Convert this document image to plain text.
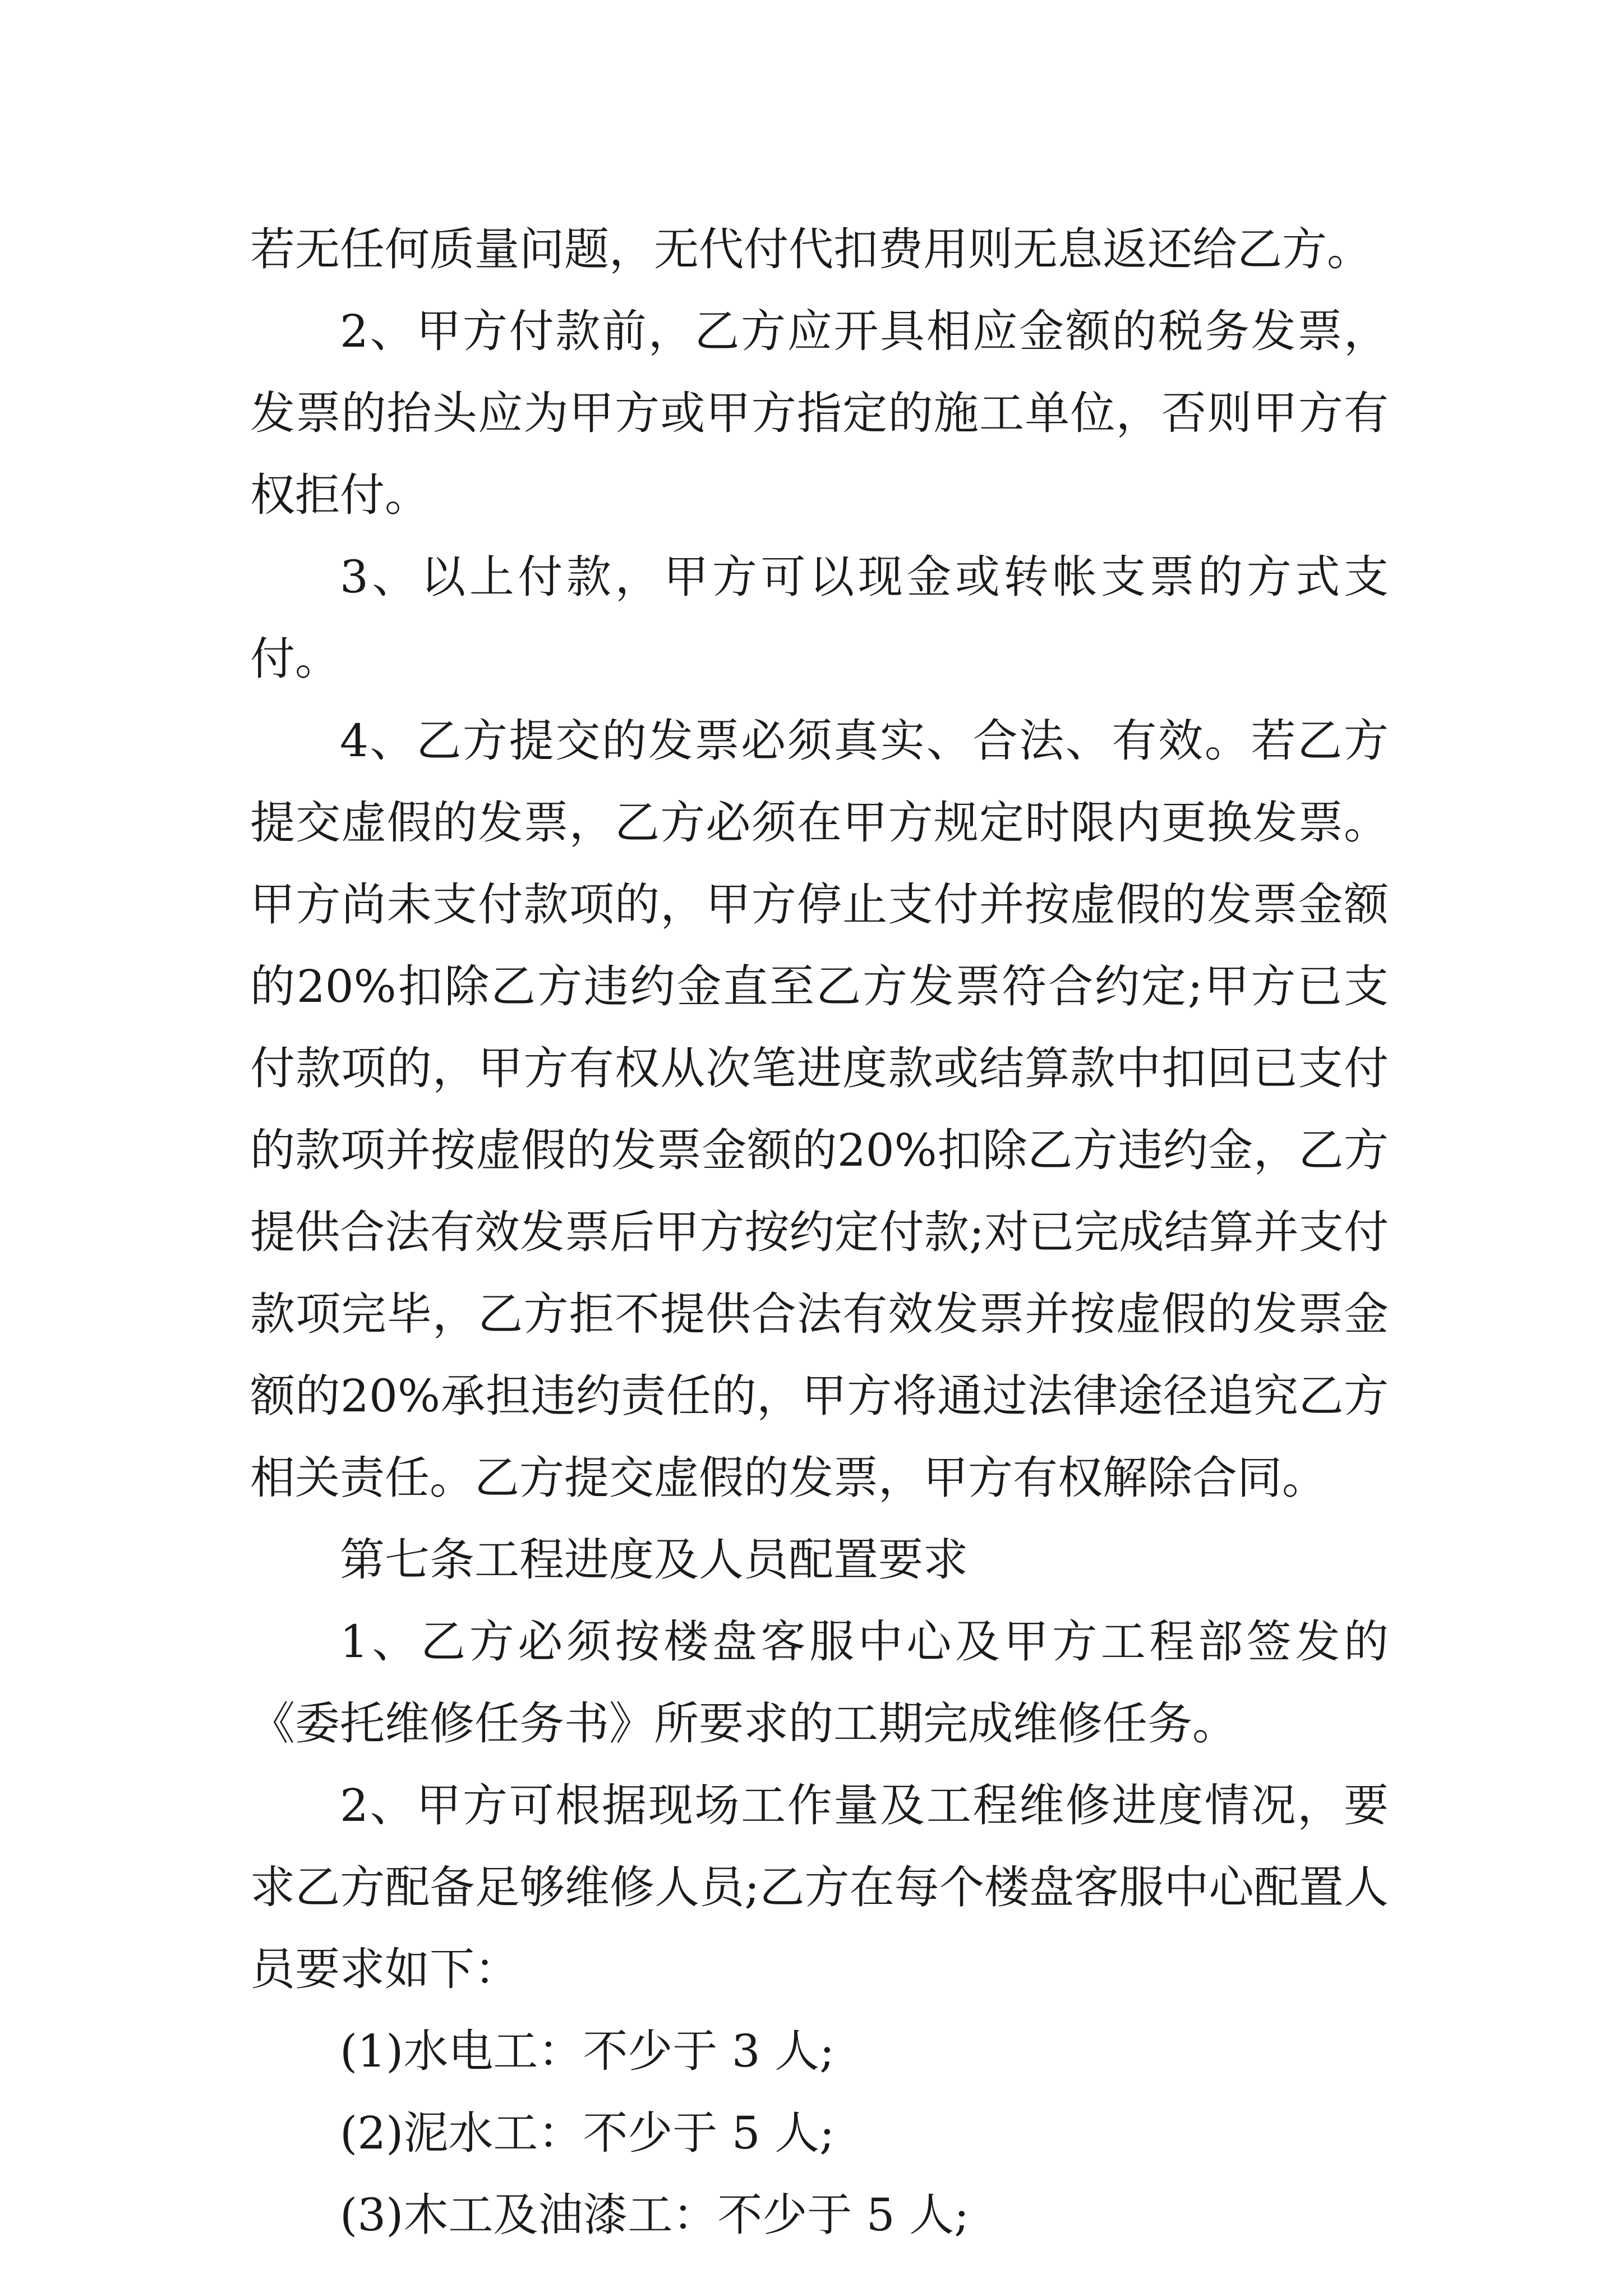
若无任何质量问题，无代付代扣费用则无息返还给乙方。

2、甲方付款前，乙方应开具相应金额的税务发票，发票的抬头应为甲方或甲方指定的施工单位，否则甲方有权拒付。

3、以上付款，甲方可以现金或转帐支票的方式支付。

4、乙方提交的发票必须真实、合法、有效。若乙方提交虚假的发票，乙方必须在甲方规定时限内更换发票。甲方尚未支付款项的，甲方停止支付并按虚假的发票金额的20%扣除乙方违约金直至乙方发票符合约定;甲方已支付款项的，甲方有权从次笔进度款或结算款中扣回已支付的款项并按虚假的发票金额的20%扣除乙方违约金，乙方提供合法有效发票后甲方按约定付款;对已完成结算并支付款项完毕，乙方拒不提供合法有效发票并按虚假的发票金额的20%承担违约责任的，甲方将通过法律途径追究乙方相关责任。乙方提交虚假的发票，甲方有权解除合同。

第七条工程进度及人员配置要求

1、乙方必须按楼盘客服中心及甲方工程部签发的《委托维修任务书》所要求的工期完成维修任务。

2、甲方可根据现场工作量及工程维修进度情况，要求乙方配备足够维修人员;乙方在每个楼盘客服中心配置人员要求如下：

(1)水电工：不少于 3 人;

(2)泥水工：不少于 5 人;

(3)木工及油漆工：不少于 5 人;
